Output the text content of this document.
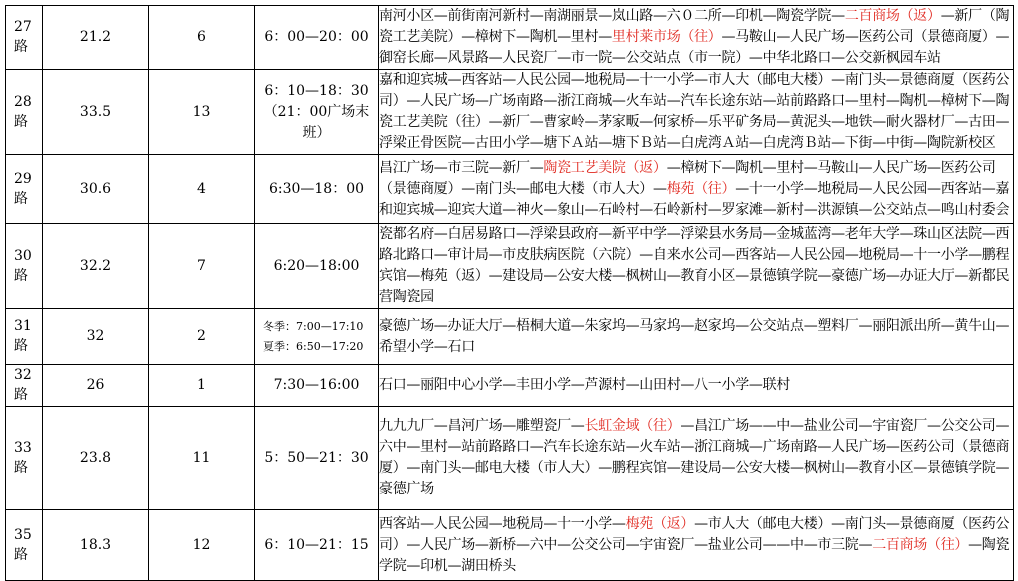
27路	21.2	6	6：00—20：00	南河小区—前街南河新村—南湖丽景—岚山路—六０二所—印机—陶瓷学院—二百商场（返）—新厂（陶瓷工艺美院）—樟树下—陶机—里村—里村莱市场（往）—马鞍山—人民广场—医药公司（景德商厦）—御窑长廊—风景路—人民瓷厂—市一院—公交站点（市一院）—中华北路口—公交新枫园车站

28路	33.5	13	6：10—18：30
（21：00广场末
班）	嘉和迎宾城—西客站—人民公园—地税局—十一小学—市人大（邮电大楼）—南门头—景德商厦（医药公司）—人民广场—广场南路—浙江商城—火车站—汽车长途东站—站前路路口—里村—陶机—樟树下—陶瓷工艺美院（往）—新厂—曹家岭—茅家畈—何家桥—乐平矿务局—黄泥头—地铁—耐火器材厂—古田—浮梁正骨医院—古田小学—塘下Ａ站—塘下Ｂ站—白虎湾Ａ站—白虎湾Ｂ站—下街—中街—陶院新校区

29路	30.6	4	6:30—18：00	昌江广场—市三院—新厂—陶瓷工艺美院（返）—樟树下—陶机—里村—马鞍山—人民广场—医药公司（景德商厦）—南门头—邮电大楼（市人大）—梅苑（往）—十一小学—地税局—人民公园—西客站—嘉和迎宾城—迎宾大道—神火—象山—石岭村—石岭新村—罗家滩—新村—洪源镇—公交站点—鸣山村委会

30路	32.2	7	6:20—18:00	瓷都名府—白居易路口—浮梁县政府—新平中学—浮梁县水务局—金城蓝湾—老年大学—珠山区法院—西路北路口—审计局—市皮肤病医院（六院）—自来水公司—西客站—人民公园—地税局—十一小学—鹏程宾馆—梅苑（返）—建设局—公安大楼—枫树山—教育小区—景德镇学院—豪德广场—办证大厅—新都民营陶瓷园

31路	32	2	冬季：7:00—17:10
夏季：6:50—17:20	豪德广场—办证大厅—梧桐大道—朱家坞—马家坞—赵家坞—公交站点—塑料厂—丽阳派出所—黄牛山—希望小学—石口

32路	26	1	7:30—16:00	石口—丽阳中心小学—丰田小学—芦源村—山田村—八一小学—联村

33路	23.8	11	5：50—21：30	九九九厂—昌河广场—雕塑瓷厂—长虹金域（往）—昌江广场——中—盐业公司—宇宙瓷厂—公交公司—六中—里村—站前路路口—汽车长途东站—火车站—浙江商城—广场南路—人民广场—医药公司（景德商厦）—南门头—邮电大楼（市人大）—鹏程宾馆—建设局—公安大楼—枫树山—教育小区—景德镇学院—豪德广场

35路	18.3	12	6：10—21：15	西客站—人民公园—地税局—十一小学—梅苑（返）—市人大（邮电大楼）—南门头—景德商厦（医药公司）—人民广场—新桥—六中—公交公司—宇宙瓷厂—盐业公司——中—市三院—二百商场（往）—陶瓷学院—印机—湖田桥头
